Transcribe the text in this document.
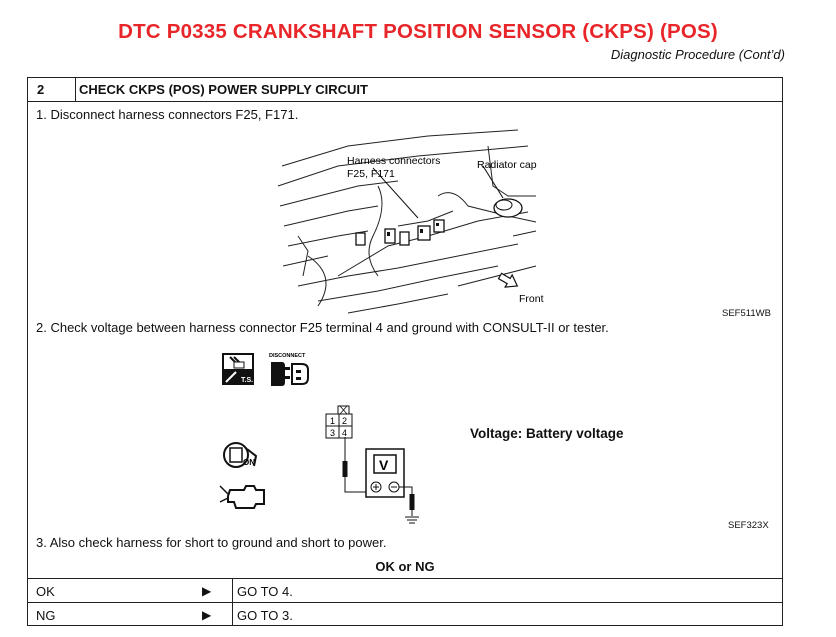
DTC P0335 CRANKSHAFT POSITION SENSOR (CKPS) (POS)
Diagnostic Procedure (Cont’d)
2	CHECK CKPS (POS) POWER SUPPLY CIRCUIT
1. Disconnect harness connectors F25, F171.
2. Check voltage between harness connector F25 terminal 4 and ground with CONSULT-II or tester.
3. Also check harness for short to ground and short to power.
Harness connectors
F25, F171
Radiator cap
Front
SEF511WB
T.S.
DISCONNECT
ON
1 2
3 4
V
Voltage: Battery voltage
SEF323X
OK or NG
OK	▶ GO TO 4.
NG	▶ GO TO 3.
